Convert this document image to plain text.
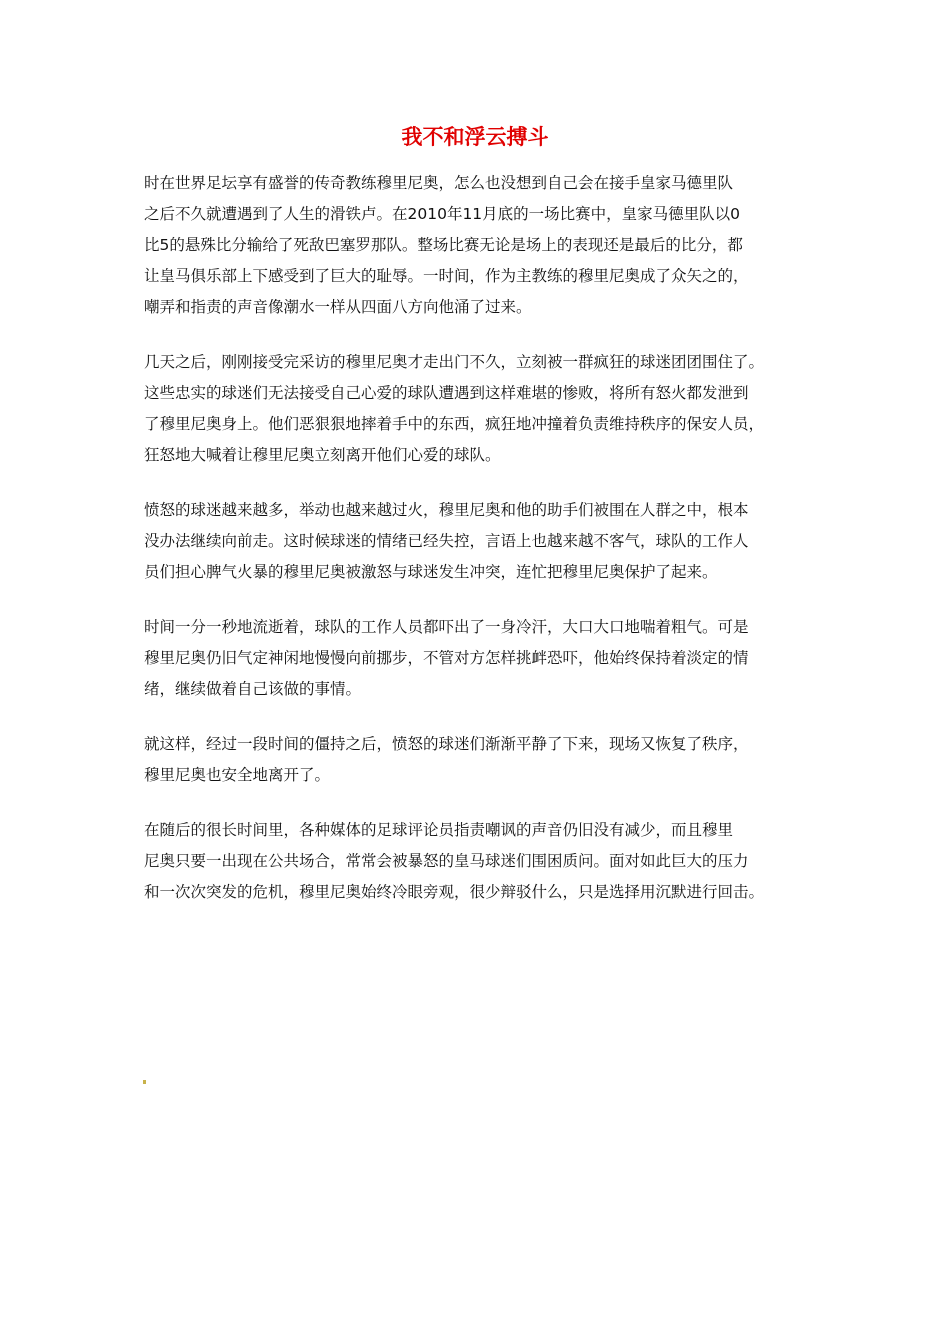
我不和浮云搏斗

时在世界足坛享有盛誉的传奇教练穆里尼奥，怎么也没想到自己会在接手皇家马德里队
之后不久就遭遇到了人生的滑铁卢。在2010年11月底的一场比赛中，皇家马德里队以0
比5的悬殊比分输给了死敌巴塞罗那队。整场比赛无论是场上的表现还是最后的比分，都
让皇马俱乐部上下感受到了巨大的耻辱。一时间，作为主教练的穆里尼奥成了众矢之的，
嘲弄和指责的声音像潮水一样从四面八方向他涌了过来。

几天之后，刚刚接受完采访的穆里尼奥才走出门不久，立刻被一群疯狂的球迷团团围住了。
这些忠实的球迷们无法接受自己心爱的球队遭遇到这样难堪的惨败，将所有怒火都发泄到
了穆里尼奥身上。他们恶狠狠地摔着手中的东西，疯狂地冲撞着负责维持秩序的保安人员，
狂怒地大喊着让穆里尼奥立刻离开他们心爱的球队。

愤怒的球迷越来越多，举动也越来越过火，穆里尼奥和他的助手们被围在人群之中，根本
没办法继续向前走。这时候球迷的情绪已经失控，言语上也越来越不客气，球队的工作人
员们担心脾气火暴的穆里尼奥被激怒与球迷发生冲突，连忙把穆里尼奥保护了起来。

时间一分一秒地流逝着，球队的工作人员都吓出了一身冷汗，大口大口地喘着粗气。可是
穆里尼奥仍旧气定神闲地慢慢向前挪步，不管对方怎样挑衅恐吓，他始终保持着淡定的情
绪，继续做着自己该做的事情。

就这样，经过一段时间的僵持之后，愤怒的球迷们渐渐平静了下来，现场又恢复了秩序，
穆里尼奥也安全地离开了。

在随后的很长时间里，各种媒体的足球评论员指责嘲讽的声音仍旧没有减少，而且穆里
尼奥只要一出现在公共场合，常常会被暴怒的皇马球迷们围困质问。面对如此巨大的压力
和一次次突发的危机，穆里尼奥始终冷眼旁观，很少辩驳什么，只是选择用沉默进行回击。
